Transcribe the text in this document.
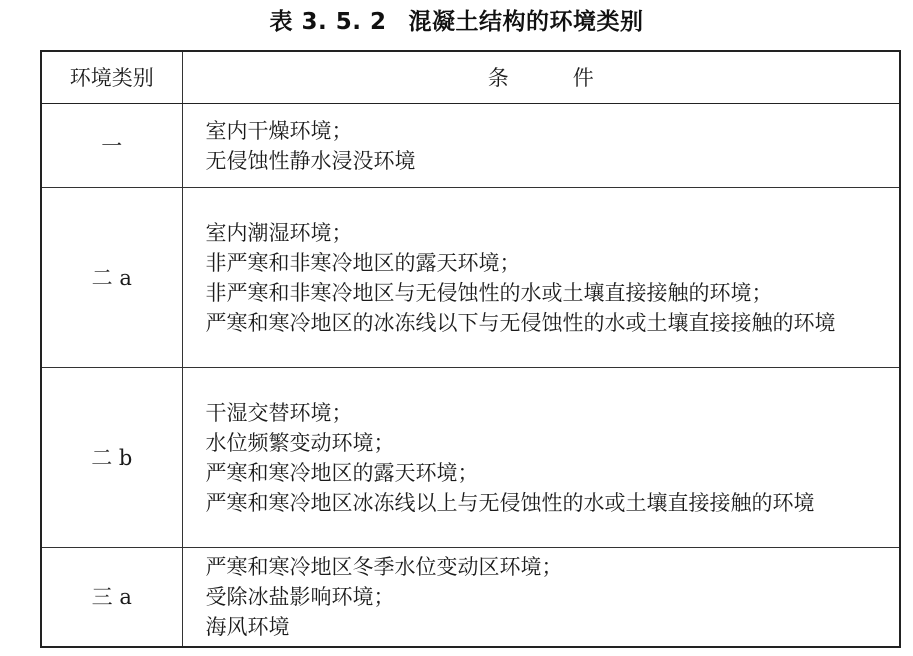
表 3. 5. 2 混凝土结构的环境类别
环境类别	条件
一	室内干燥环境；
无侵蚀性静水浸没环境

二 a	室内潮湿环境；
非严寒和非寒冷地区的露天环境；
非严寒和非寒冷地区与无侵蚀性的水或土壤直接接触的环境；
严寒和寒冷地区的冰冻线以下与无侵蚀性的水或土壤直接接触的环境

二 b	干湿交替环境；
水位频繁变动环境；
严寒和寒冷地区的露天环境；
严寒和寒冷地区冰冻线以上与无侵蚀性的水或土壤直接接触的环境

三 a	严寒和寒冷地区冬季水位变动区环境；
受除冰盐影响环境；
海风环境
